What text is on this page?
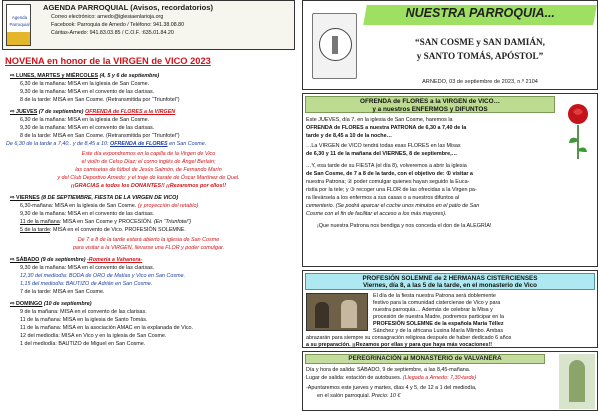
Agenda
Parroquial
AGENDA PARROQUIAL (Avisos, recordatorios)
Correo electrónico: arnedo@iglesiaenlarioja.org
Facebook: Parroquia de Arnedo / Teléfono: 941.38.08.80
Cáritas-Arnedo: 941.83.03.85 / C.O.F. :635.01.84.20
NOVENA en honor de la VIRGEN de VICO 2023
⇨ LUNES, MARTES y MIÉRCOLES (4, 5 y 6 de septiembre)
6,30 de la mañana: MISA en la iglesia de San Cosme.
9,30 de la mañana: MISA en el convento de las clarisas.
8 de la tarde: MISA en San Cosme. (Retransmitida por “Triunfotel”)
⇨ JUEVES (7 de septiembre) OFRENDA de FLORES a la VIRGEN
6,30 de la mañana: MISA en la iglesia de San Cosme.
9,30 de la mañana: MISA en el convento de las clarisas.
8 de la tarde: MISA en San Cosme. (Retransmitida por “Triunfotel”)
De 6,30 de la tarde a 7,40.. y de 8,45 a 10: OFRENDA de FLORES en San Cosme.
Este día expondremos en la capilla de la Virgen de Vico
el violín de Celso Díaz; el corno inglés de Ángel Berlain;
las camisetas de fútbol de Jesús Salmón, de Fernando Marín
y del Club Deportivo Arnedo; y el traje de karate de Óscar Martínez de Quel.
¡¡GRACIAS a todos los DONANTES!! ¡¡Rezaremos por ellos!!
⇨ VIERNES (8 DE SEPTIEMBRE, FIESTA DE LA VIRGEN DE VICO)
6,30-mañana: MISA en la iglesia de San Cosme. (y proyección del retablo)
9,30 de la mañana: MISA en el convento de las clarisas.
11 de la mañana: MISA en San Cosme y PROCESIÓN. (En “Triunfotel”)
5 de la tarde: MISA en el convento de Vico. PROFESIÓN SOLEMNE.
De 7 a 8 de la tarde estará abierto la iglesia de San Cosme
para visitar a la VIRGEN, llevarse una FLOR y poder comulgar.
⇨ SÁBADO (9 de septiembre) -Romería a Vahanera-
9,30 de la mañana: MISA en el convento de las clarisas.
12,30 del mediodía: BODA de ORO de Matías y Vico en San Cosme.
1,15 del mediodía: BAUTIZO de Adrián en San Cosme.
7 de la tarde: MISA en San Cosme.
⇨ DOMINGO (10 de septiembre)
9 de la mañana: MISA en el convento de las clarisas.
11 de la mañana: MISA en la iglesia de Santo Tomás.
11 de la mañana: MISA en la asociación AMAC en la explanada de Vico.
12 del mediodía: MISA en Vico y en la iglesia de San Cosme.
1 del mediodía: BAUTIZO de Miguel en San Cosme.
NUESTRA PARROQUIA...
“SAN COSME y SAN DAMIÁN,
y SANTO TOMÁS, APÓSTOL”
ARNEDO, 03 de septiembre de 2023, n.º 2104
OFRENDA de FLORES a la VIRGEN de VICO…
y a nuestros ENFERMOS y DIFUNTOS
Este JUEVES, día 7, en la iglesia de San Cosme, haremos la
OFRENDA de FLORES a nuestra PATRONA de 6,30 a 7,40 de la
tarde y de 8,45 a 10 de la noche…
…La VIRGEN de VICO tendrá todas esas FLORES en las Misas
de 6,30 y 11 de la mañana del VIERNES, 8 de septiembre,…
…Y, esa tarde de su FIESTA (el día 8), volveremos a abrir la iglesia
de San Cosme, de 7 a 8 de la tarde, con el objetivo de: ① visitar a
nuestra Patrona; ② poder comulgar quienes hayan seguido la Euca-
ristía por la tele; y ③ recoger una FLOR de las ofrecidas a la Virgen pa-
ra llevársela a los enfermos a sus casas o a nuestros difuntos al
cementerio. (Se podrá aparcar el coche unos minutos en el patio de San
Cosme con el fin de facilitar el acceso a los más mayores).
¡Que nuestra Patrona nos bendiga y nos conceda el don de la ALEGRÍA!
PROFESIÓN SOLEMNE de 2 HERMANAS CISTERCIENSES
Viernes, día 8, a las 5 de la tarde, en el monasterio de Vico
El día de la fiesta nuestra Patrona será doblemente
festivo para la comunidad cisterciense de Vico y para
nuestra parroquia… Además de celebrar la Misa y
procesión de nuestra Madre, podremos participar en la
PROFESIÓN SOLEMNE de la española María Téllez
Sánchez y de la africana Lusina María Mlimbo. Ambas
abrazarán para siempre su consagración religiosa después de haber dedicado 6 años
a su preparación. ¡¡Rezamos por ellas y para que haya más vocaciones!!
PEREGRINACIÓN al MONASTERIO de VALVANERA
Día y hora de salida: SÁBADO, 9 de septiembre, a las 8,45-mañana.
Lugar de salida: estación de autobuses. (Llegada a Arnedo: 7,30-tarde)
-Apuntaremos este jueves y martes, días 4 y 5, de 12 a 1 del mediodía,
en el salón parroquial. Precio: 10 €
